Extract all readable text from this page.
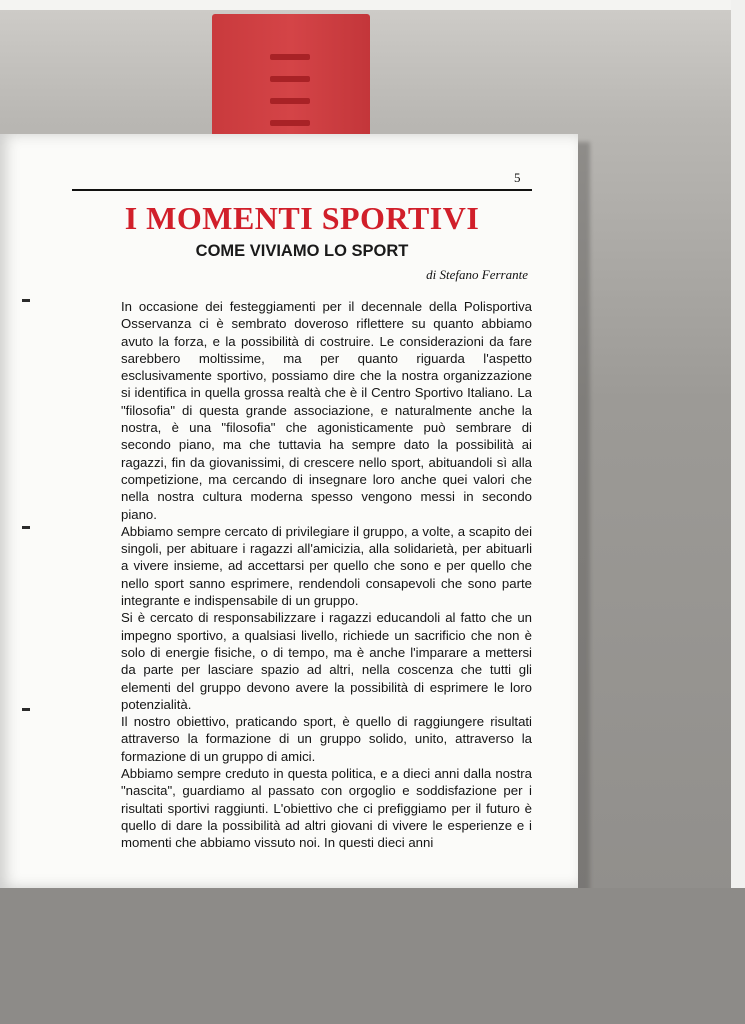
5
I MOMENTI SPORTIVI
COME VIVIAMO LO SPORT
di Stefano Ferrante

In occasione dei festeggiamenti per il decennale della Polisportiva Osservanza ci è sembrato doveroso riflettere su quanto abbiamo avuto la forza, e la possibilità di costruire. Le considerazioni da fare sarebbero moltissime, ma per quanto riguarda l'aspetto esclusivamente sportivo, possiamo dire che la nostra organizzazione si identifica in quella grossa realtà che è il Centro Sportivo Italiano. La "filosofia" di questa grande associazione, e naturalmente anche la nostra, è una "filosofia" che agonisticamente può sembrare di secondo piano, ma che tuttavia ha sempre dato la possibilità ai ragazzi, fin da giovanissimi, di crescere nello sport, abituandoli sì alla competizione, ma cercando di insegnare loro anche quei valori che nella nostra cultura moderna spesso vengono messi in secondo piano.

Abbiamo sempre cercato di privilegiare il gruppo, a volte, a scapito dei singoli, per abituare i ragazzi all'amicizia, alla solidarietà, per abituarli a vivere insieme, ad accettarsi per quello che sono e per quello che nello sport sanno esprimere, rendendoli consapevoli che sono parte integrante e indispensabile di un gruppo.

Si è cercato di responsabilizzare i ragazzi educandoli al fatto che un impegno sportivo, a qualsiasi livello, richiede un sacrificio che non è solo di energie fisiche, o di tempo, ma è anche l'imparare a mettersi da parte per lasciare spazio ad altri, nella coscenza che tutti gli elementi del gruppo devono avere la possibilità di esprimere le loro potenzialità.

Il nostro obiettivo, praticando sport, è quello di raggiungere risultati attraverso la formazione di un gruppo solido, unito, attraverso la formazione di un gruppo di amici.

Abbiamo sempre creduto in questa politica, e a dieci anni dalla nostra "nascita", guardiamo al passato con orgoglio e soddisfazione per i risultati sportivi raggiunti. L'obiettivo che ci prefiggiamo per il futuro è quello di dare la possibilità ad altri giovani di vivere le esperienze e i momenti che abbiamo vissuto noi. In questi dieci anni
